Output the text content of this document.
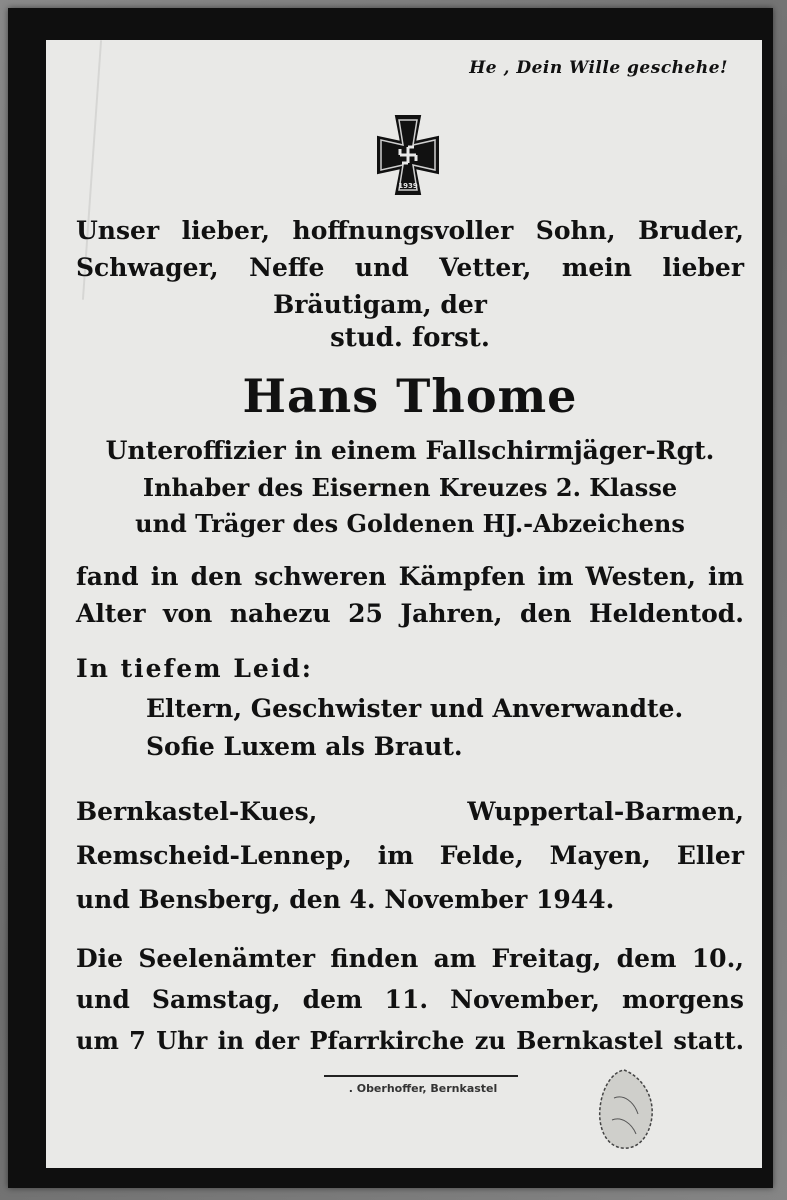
He , Dein Wille geschehe!
1939
Unser lieber, hoffnungsvoller Sohn, Bruder,
Schwager, Neffe und Vetter, mein lieber
Bräutigam, der
stud. forst.
Hans Thome
Unteroffizier in einem Fallschirmjäger-Rgt.
Inhaber des Eisernen Kreuzes 2. Klasse
und Träger des Goldenen HJ.-Abzeichens
fand in den schweren Kämpfen im Westen, im
Alter von nahezu 25 Jahren, den Heldentod.
In tiefem Leid:
Eltern, Geschwister und Anverwandte.
Sofie Luxem als Braut.
Bernkastel-Kues, Wuppertal-Barmen,
Remscheid-Lennep, im Felde, Mayen, Eller
und Bensberg, den 4. November 1944.
Die Seelenämter finden am Freitag, dem 10.,
und Samstag, dem 11. November, morgens
um 7 Uhr in der Pfarrkirche zu Bernkastel statt.
. Oberhoffer, Bernkastel
